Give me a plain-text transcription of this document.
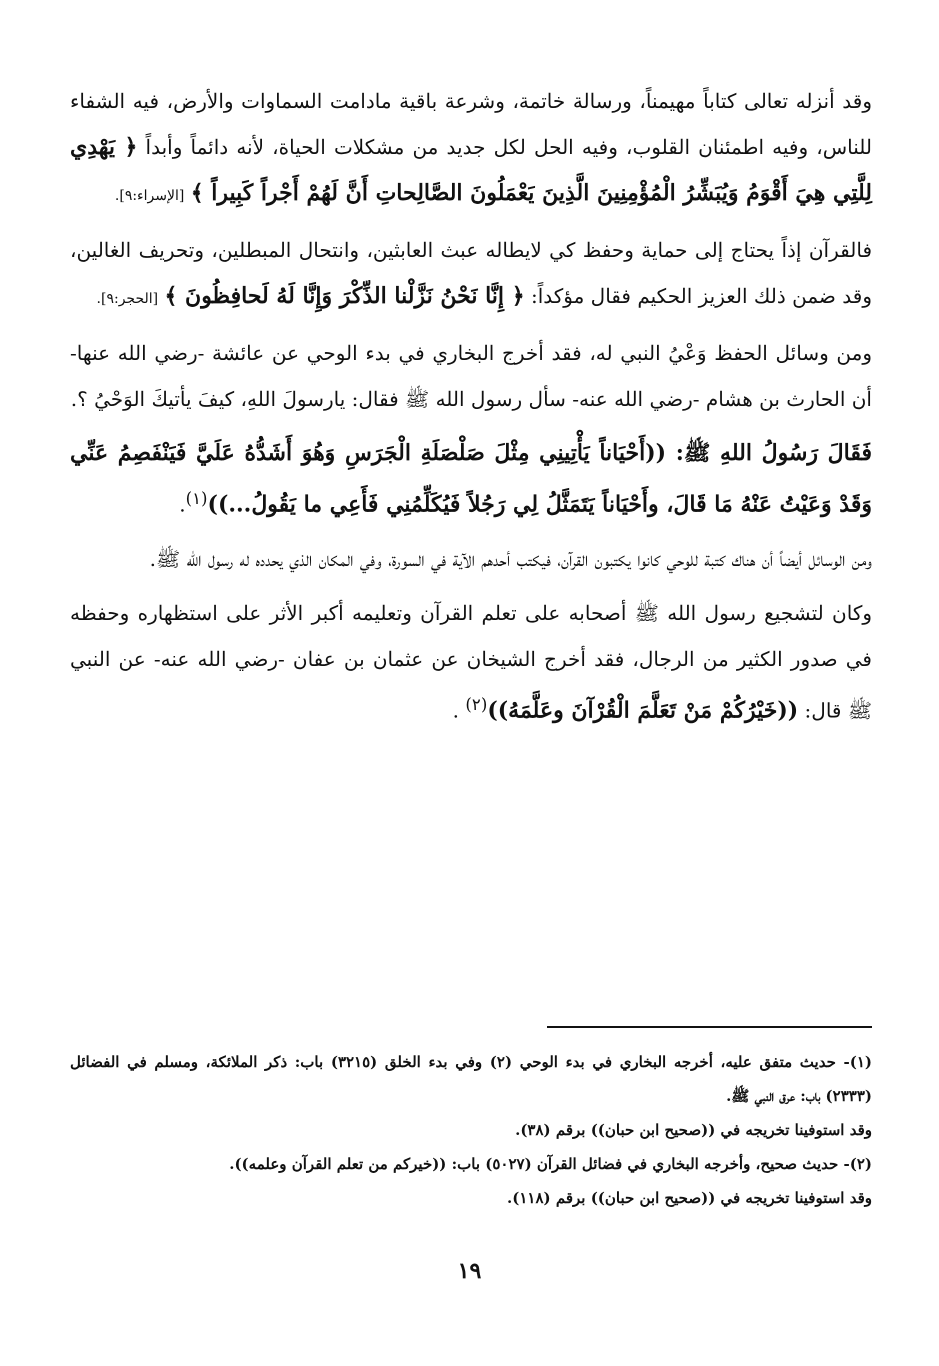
وقد أنزله تعالى كتاباً مهيمناً، ورسالة خاتمة، وشرعة باقية مادامت السماوات والأرض، فيه الشفاء للناس، وفيه اطمئنان القلوب، وفيه الحل لكل جديد من مشكلات الحياة، لأنه دائماً وأبداً ﴿ يَهْدِي لِلَّتِي هِيَ أَقْوَمُ وَيُبَشِّرُ الْمُؤْمِنِينَ الَّذِينَ يَعْمَلُونَ الصَّالِحاتِ أَنَّ لَهُمْ أَجْراً كَبِيراً ﴾ [الإسراء:٩].

فالقرآن إذاً يحتاج إلى حماية وحفظ كي لايطاله عبث العابثين، وانتحال المبطلين، وتحريف الغالين، وقد ضمن ذلك العزيز الحكيم فقال مؤكداً: ﴿ إِنَّا نَحْنُ نَزَّلْنا الذِّكْرَ وَإِنَّا لَهُ لَحافِظُونَ ﴾ [الحجر:٩].

ومن وسائل الحفظ وَعْيُ النبي له، فقد أخرج البخاري في بدء الوحي عن عائشة -رضي الله عنها- أن الحارث بن هشام -رضي الله عنه- سأل رسول الله ﷺ فقال: يارسولَ اللهِ، كيفَ يأتيكَ الوَحْيُ ؟.

فَقَالَ رَسُولُ اللهِ ﷺ: ((أَحْيَاناً يَأْتِينِي مِثْلَ صَلْصَلَةِ الْجَرَسِ وَهُوَ أَشَدُّهُ عَلَيَّ فَيَنْفَصِمُ عَنِّي وَقَدْ وَعَيْتُ عَنْهُ مَا قَالَ، وأَحْيَاناً يَتَمَثَّلُ لِي رَجُلاً فَيُكَلِّمُنِي فَأَعِي ما يَقُولُ...))$^{(١)}$.

ومن الوسائل أيضاً أن هناك كتبة للوحي كانوا يكتبون القرآن، فيكتب أحدهم الآية في السورة، وفي المكان الذي يحدده له رسول الله ﷺ.

وكان لتشجيع رسول الله ﷺ أصحابه على تعلم القرآن وتعليمه أكبر الأثر على استظهاره وحفظه في صدور الكثير من الرجال، فقد أخرج الشيخان عن عثمان بن عفان -رضي الله عنه- عن النبي ﷺ قال: ((خَيْرُكُمْ مَنْ تَعَلَّمَ الْقُرْآنَ وعَلَّمَهُ))$^{(٢)}$ .

(١)- حديث متفق عليه، أخرجه البخاري في بدء الوحي (٢) وفي بدء الخلق (٣٢١٥) باب: ذكر الملائكة، ومسلم في الفضائل (٢٣٣٣) باب: عرق النبي ﷺ.

وقد استوفينا تخريجه في ((صحيح ابن حبان)) برقم (٣٨).

(٢)- حديث صحيح، وأخرجه البخاري في فضائل القرآن (٥٠٢٧) باب: ((خيركم من تعلم القرآن وعلمه)).

وقد استوفينا تخريجه في ((صحيح ابن حبان)) برقم (١١٨).

١٩
